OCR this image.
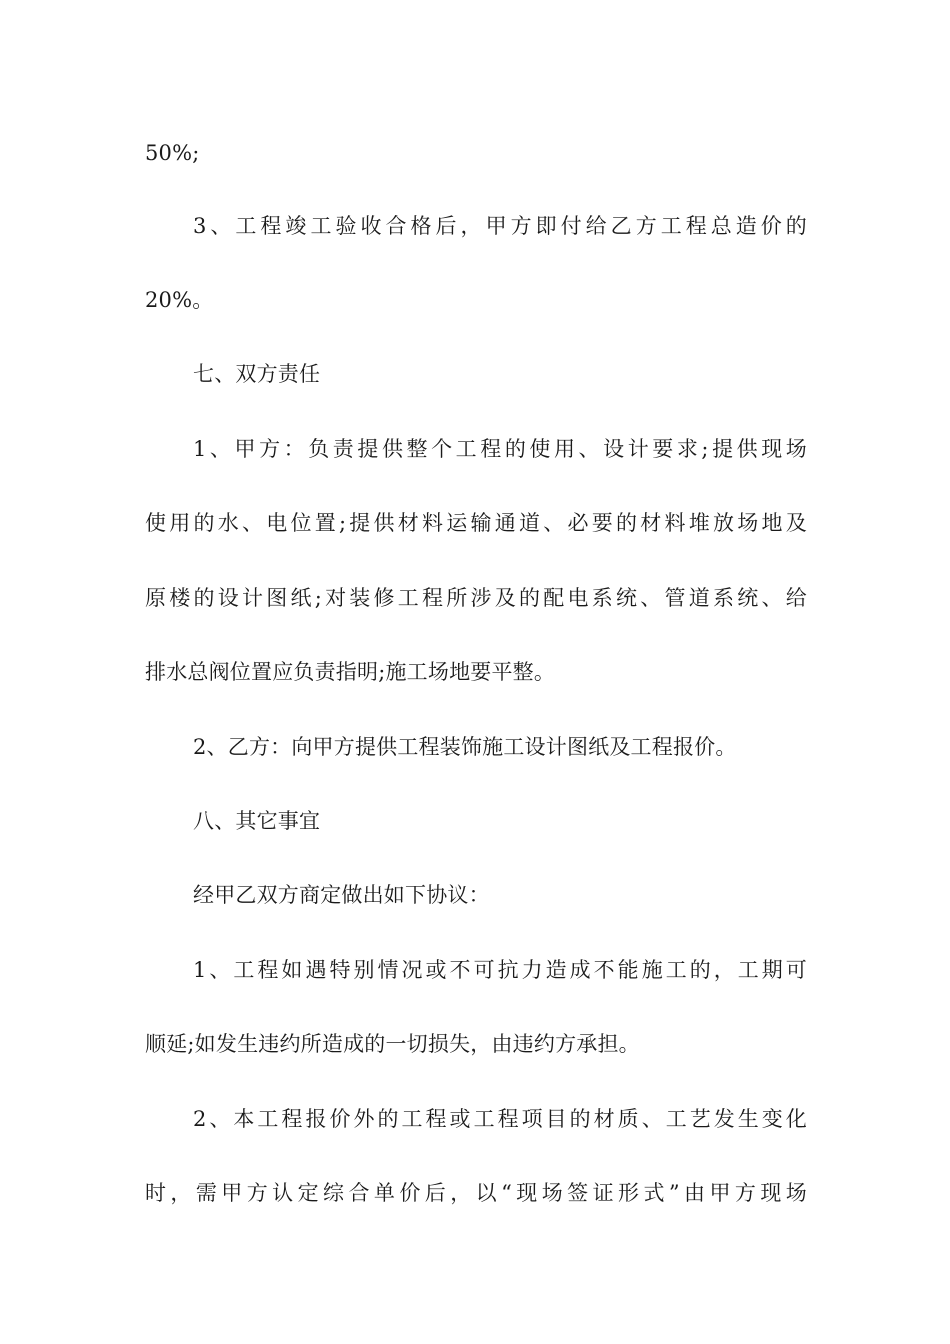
50%;
3、工程竣工验收合格后，甲方即付给乙方工程总造价的
20%。
七、双方责任
1、甲方：负责提供整个工程的使用、设计要求;提供现场
使用的水、电位置;提供材料运输通道、必要的材料堆放场地及
原楼的设计图纸;对装修工程所涉及的配电系统、管道系统、给
排水总阀位置应负责指明;施工场地要平整。
2、乙方：向甲方提供工程装饰施工设计图纸及工程报价。
八、其它事宜
经甲乙双方商定做出如下协议：
1、工程如遇特别情况或不可抗力造成不能施工的，工期可
顺延;如发生违约所造成的一切损失，由违约方承担。
2、本工程报价外的工程或工程项目的材质、工艺发生变化
时，需甲方认定综合单价后，以“现场签证形式”由甲方现场
